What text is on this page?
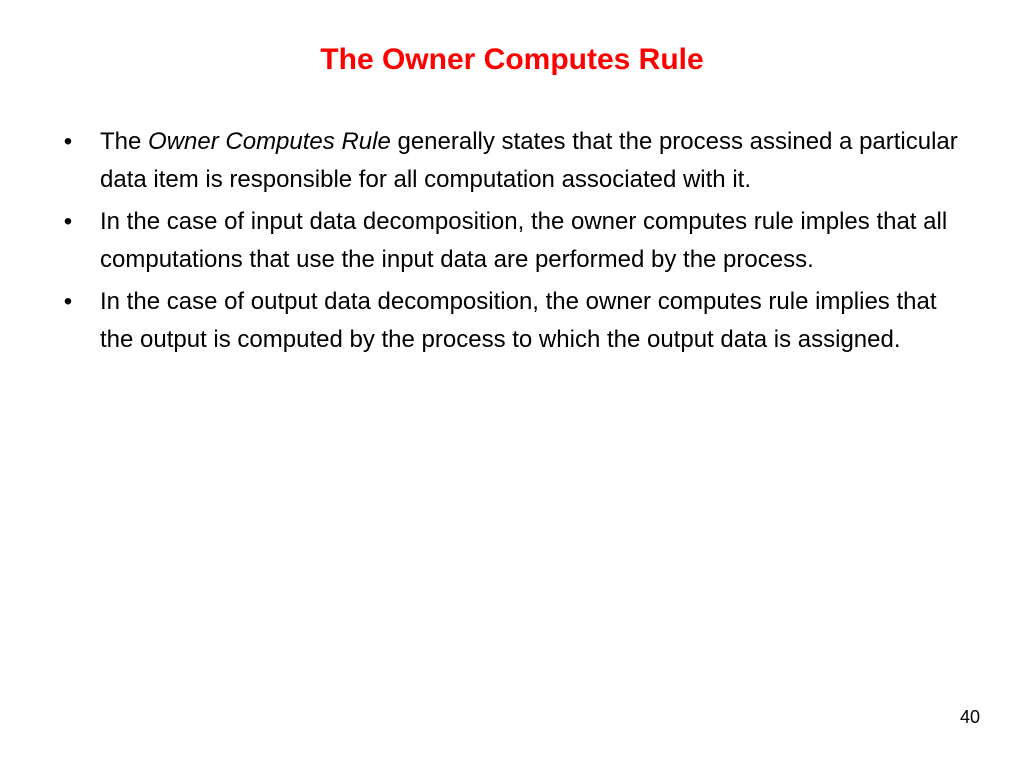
The Owner Computes Rule
• The Owner Computes Rule generally states that the process assined a particular data item is responsible for all computation associated with it.
• In the case of input data decomposition, the owner computes rule imples that all computations that use the input data are performed by the process.
• In the case of output data decomposition, the owner computes rule implies that the output is computed by the process to which the output data is assigned.
40
